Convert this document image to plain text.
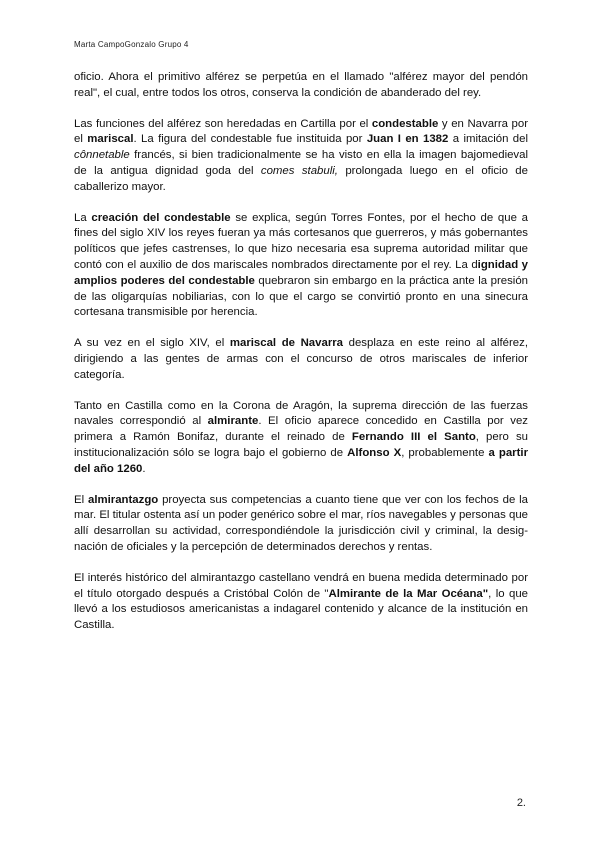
Marta CampoGonzalo Grupo 4

oficio. Ahora el primitivo alférez se perpetúa en el llamado "alférez mayor del pendón real", el cual, entre todos los otros, conserva la condición de abanderado del rey.

Las funciones del alférez son heredadas en Cartilla por el condestable y en Navarra por el mariscal. La figura del condestable fue instituida por Juan I en 1382 a imitación del cônnetable francés, si bien tradicionalmente se ha visto en ella la imagen bajomedieval de la antigua dignidad goda del comes stabuli, prolongada luego en el oficio de caballerizo mayor.

La creación del condestable se explica, según Torres Fontes, por el hecho de que a fines del siglo XIV los reyes fueran ya más cortesanos que guerreros, y más gobernantes políticos que jefes castrenses, lo que hizo necesaria esa suprema autoridad militar que contó con el auxilio de dos mariscales nombrados directamente por el rey. La dignidad y amplios poderes del condestable quebraron sin embargo en la práctica ante la presión de las oligarquías nobiliarias, con lo que el cargo se convirtió pronto en una sinecura cortesana transmisible por herencia.

A su vez en el siglo XIV, el mariscal de Navarra desplaza en este reino al alférez, dirigiendo a las gentes de armas con el concurso de otros mariscales de inferior categoría.

Tanto en Castilla como en la Corona de Aragón, la suprema dirección de las fuerzas navales correspondió al almirante. El oficio aparece concedido en Castilla por vez primera a Ramón Bonifaz, durante el reinado de Fernando III el Santo, pero su institucionalización sólo se logra bajo el gobierno de Alfonso X, probablemente a partir del año 1260.

El almirantazgo proyecta sus competencias a cuanto tiene que ver con los fechos de la mar. El titular ostenta así un poder genérico sobre el mar, ríos navegables y personas que allí desarrollan su actividad, correspondiéndole la jurisdicción civil y criminal, la desig- nación de oficiales y la percepción de determinados derechos y rentas.

El interés histórico del almirantazgo castellano vendrá en buena medida determinado por el título otorgado después a Cristóbal Colón de "Almirante de la Mar Océana", lo que llevó a los estudiosos americanistas a indagarel contenido y alcance de la institución en Castilla.

2.
